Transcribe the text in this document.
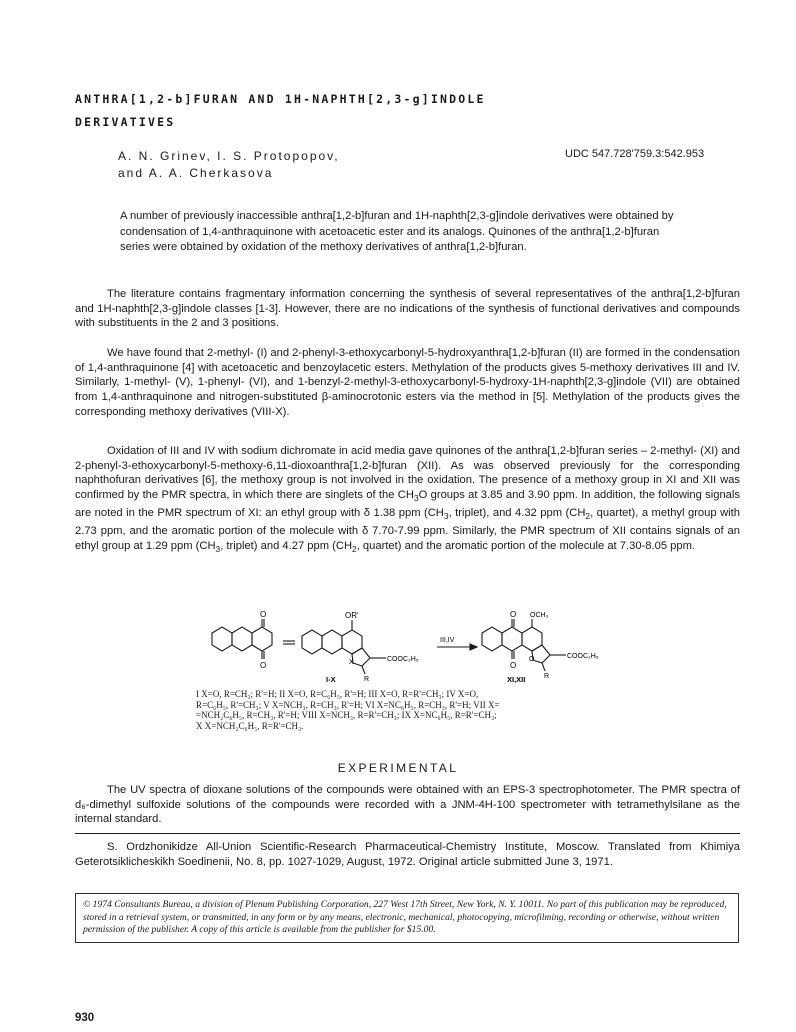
ANTHRA[1,2-b]FURAN AND 1H-NAPHTH[2,3-g]INDOLE
DERIVATIVES
A. N. Grinev, I. S. Protopopov,
and A. A. Cherkasova
UDC 547.728'759.3:542.953
A number of previously inaccessible anthra[1,2-b]furan and 1H-naphth[2,3-g]indole derivatives were obtained by condensation of 1,4-anthraquinone with acetoacetic ester and its analogs. Quinones of the anthra[1,2-b]furan series were obtained by oxidation of the methoxy derivatives of anthra[1,2-b]furan.

The literature contains fragmentary information concerning the synthesis of several representatives of the anthra[1,2-b]furan and 1H-naphth[2,3-g]indole classes [1-3]. However, there are no indications of the synthesis of functional derivatives and compounds with substituents in the 2 and 3 positions.

We have found that 2-methyl- (I) and 2-phenyl-3-ethoxycarbonyl-5-hydroxyanthra[1,2-b]furan (II) are formed in the condensation of 1,4-anthraquinone [4] with acetoacetic and benzoylacetic esters. Methylation of the products gives 5-methoxy derivatives III and IV. Similarly, 1-methyl- (V), 1-phenyl- (VI), and 1-benzyl-2-methyl-3-ethoxycarbonyl-5-hydroxy-1H-naphth[2,3-g]indole (VII) are obtained from 1,4-anthraquinone and nitrogen-substituted β-aminocrotonic esters via the method in [5]. Methylation of the products gives the corresponding methoxy derivatives (VIII-X).

Oxidation of III and IV with sodium dichromate in acid media gave quinones of the anthra[1,2-b]furan series – 2-methyl- (XI) and 2-phenyl-3-ethoxycarbonyl-5-methoxy-6,11-dioxoanthra[1,2-b]furan (XII). As was observed previously for the corresponding naphthofuran derivatives [6], the methoxy group is not involved in the oxidation. The presence of a methoxy group in XI and XII was confirmed by the PMR spectra, in which there are singlets of the $CH_3O$ groups at 3.85 and 3.90 ppm. In addition, the following signals are noted in the PMR spectrum of XI: an ethyl group with δ 1.38 ppm ($CH_3$, triplet), and 4.32 ppm ($CH_2$, quartet), a methyl group with 2.73 ppm, and the aromatic portion of the molecule with δ 7.70-7.99 ppm. Similarly, the PMR spectrum of XII contains signals of an ethyl group at 1.29 ppm ($CH_3$, triplet) and 4.27 ppm ($CH_2$, quartet) and the aromatic portion of the molecule at 7.30-8.05 ppm.

O
O
OR'
X
R
COOC₂H₅
III,IV
O OCH₃
O
O
R
COOC₂H₅
I-X	XI,XII
I X=O, R=CH₃; R'=H; II X=O, R=C₆H₅, R'=H; III X=O, R=R'=CH₃; IV X=O,
R=C₆H₅, R'=CH₃; V X=NCH₃, R=CH₃, R'=H; VI X=NC₆H₅, R=CH₃, R'=H; VII X=
=NCH₂C₆H₅, R=CH₃, R'=H; VIII X=NCH₃, R=R'=CH₃; IX X=NC₆H₅, R=R'=CH₃;
X X=NCH₂C₆H₅, R=R'=CH₃.
EXPERIMENTAL

The UV spectra of dioxane solutions of the compounds were obtained with an EPS-3 spectrophotometer. The PMR spectra of d₆-dimethyl sulfoxide solutions of the compounds were recorded with a JNM-4H-100 spectrometer with tetramethylsilane as the internal standard.

S. Ordzhonikidze All-Union Scientific-Research Pharmaceutical-Chemistry Institute, Moscow. Translated from Khimiya Geterotsiklicheskikh Soedinenii, No. 8, pp. 1027-1029, August, 1972. Original article submitted June 3, 1971.

© 1974 Consultants Bureau, a division of Plenum Publishing Corporation, 227 West 17th Street, New York, N. Y. 10011. No part of this publication may be reproduced, stored in a retrieval system, or transmitted, in any form or by any means, electronic, mechanical, photocopying, microfilming, recording or otherwise, without written permission of the publisher. A copy of this article is available from the publisher for $15.00.
930
